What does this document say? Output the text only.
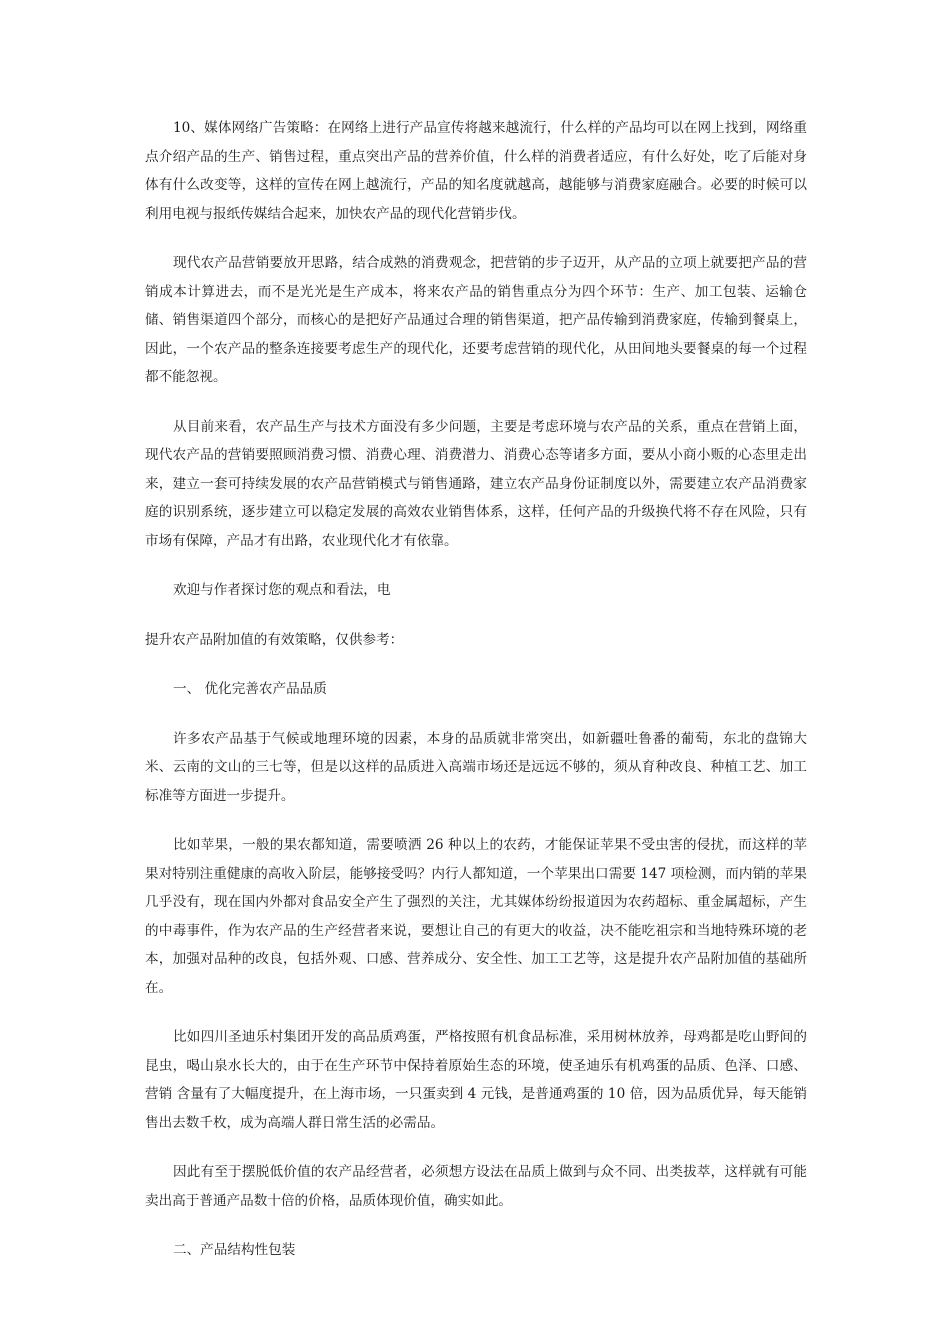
10、媒体网络广告策略：在网络上进行产品宣传将越来越流行，什么样的产品均可以在网上找到，网络重点介绍产品的生产、销售过程，重点突出产品的营养价值，什么样的消费者适应，有什么好处，吃了后能对身体有什么改变等，这样的宣传在网上越流行，产品的知名度就越高，越能够与消费家庭融合。必要的时候可以利用电视与报纸传媒结合起来，加快农产品的现代化营销步伐。

现代农产品营销要放开思路，结合成熟的消费观念，把营销的步子迈开，从产品的立项上就要把产品的营销成本计算进去，而不是光光是生产成本，将来农产品的销售重点分为四个环节：生产、加工包装、运输仓储、销售渠道四个部分，而核心的是把好产品通过合理的销售渠道，把产品传输到消费家庭，传输到餐桌上，因此，一个农产品的整条连接要考虑生产的现代化，还要考虑营销的现代化，从田间地头要餐桌的每一个过程都不能忽视。

从目前来看，农产品生产与技术方面没有多少问题，主要是考虑环境与农产品的关系，重点在营销上面，现代农产品的营销要照顾消费习惯、消费心理、消费潜力、消费心态等诸多方面，要从小商小贩的心态里走出来，建立一套可持续发展的农产品营销模式与销售通路，建立农产品身份证制度以外，需要建立农产品消费家庭的识别系统，逐步建立可以稳定发展的高效农业销售体系，这样，任何产品的升级换代将不存在风险，只有市场有保障，产品才有出路，农业现代化才有依靠。

欢迎与作者探讨您的观点和看法，电

提升农产品附加值的有效策略，仅供参考：

一、 优化完善农产品品质

许多农产品基于气候或地理环境的因素，本身的品质就非常突出，如新疆吐鲁番的葡萄，东北的盘锦大米、云南的文山的三七等，但是以这样的品质进入高端市场还是远远不够的，须从育种改良、种植工艺、加工标准等方面进一步提升。

比如苹果，一般的果农都知道，需要喷洒 26 种以上的农药，才能保证苹果不受虫害的侵扰，而这样的苹果对特别注重健康的高收入阶层，能够接受吗？内行人都知道，一个苹果出口需要 147 项检测，而内销的苹果几乎没有，现在国内外都对食品安全产生了强烈的关注，尤其媒体纷纷报道因为农药超标、重金属超标，产生的中毒事件，作为农产品的生产经营者来说，要想让自己的有更大的收益，决不能吃祖宗和当地特殊环境的老本，加强对品种的改良，包括外观、口感、营养成分、安全性、加工工艺等，这是提升农产品附加值的基础所在。

比如四川圣迪乐村集团开发的高品质鸡蛋，严格按照有机食品标准，采用树林放养，母鸡都是吃山野间的昆虫，喝山泉水长大的，由于在生产环节中保持着原始生态的环境，使圣迪乐有机鸡蛋的品质、色泽、口感、营销 含量有了大幅度提升，在上海市场，一只蛋卖到 4 元钱，是普通鸡蛋的 10 倍，因为品质优异，每天能销售出去数千枚，成为高端人群日常生活的必需品。

因此有至于摆脱低价值的农产品经营者，必须想方设法在品质上做到与众不同、出类拔萃，这样就有可能卖出高于普通产品数十倍的价格，品质体现价值，确实如此。

二、产品结构性包装
